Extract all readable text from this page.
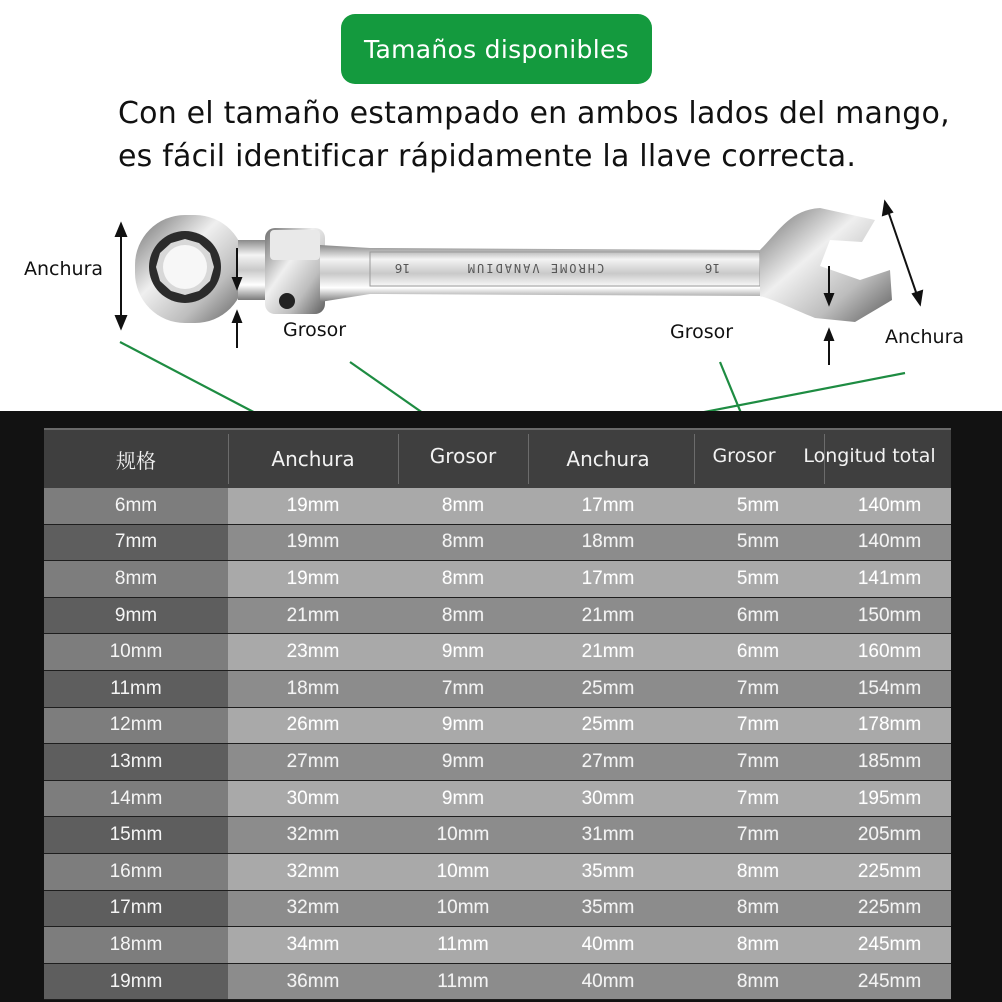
Tamaños disponibles
Con el tamaño estampado en ambos lados del mango,
es fácil identificar rápidamente la llave correcta.
16	CHROME VANADIUM	16
Anchura
Grosor	Grosor	Anchura
规格	Anchura	Grosor	Anchura	Grosor	Longitud total
6mm	19mm	8mm	17mm	5mm	140mm
7mm	19mm	8mm	18mm	5mm	140mm
8mm	19mm	8mm	17mm	5mm	141mm
9mm	21mm	8mm	21mm	6mm	150mm
10mm	23mm	9mm	21mm	6mm	160mm
11mm	18mm	7mm	25mm	7mm	154mm
12mm	26mm	9mm	25mm	7mm	178mm
13mm	27mm	9mm	27mm	7mm	185mm
14mm	30mm	9mm	30mm	7mm	195mm
15mm	32mm	10mm	31mm	7mm	205mm
16mm	32mm	10mm	35mm	8mm	225mm
17mm	32mm	10mm	35mm	8mm	225mm
18mm	34mm	11mm	40mm	8mm	245mm
19mm	36mm	11mm	40mm	8mm	245mm
